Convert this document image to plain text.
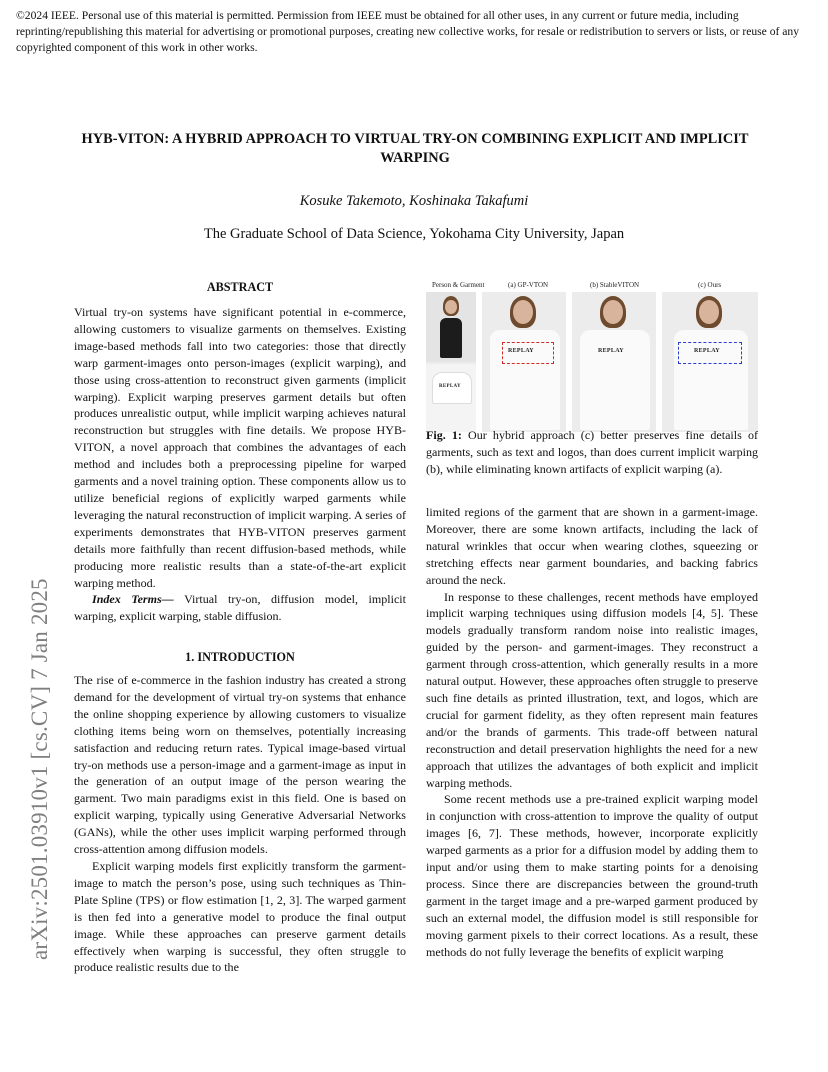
©2024 IEEE. Personal use of this material is permitted. Permission from IEEE must be obtained for all other uses, in any current or future media, including reprinting/republishing this material for advertising or promotional purposes, creating new collective works, for resale or redistribution to servers or lists, or reuse of any copyrighted component of this work in other works.
arXiv:2501.03910v1 [cs.CV] 7 Jan 2025
HYB-VITON: A HYBRID APPROACH TO VIRTUAL TRY-ON COMBINING EXPLICIT AND IMPLICIT WARPING
Kosuke Takemoto, Koshinaka Takafumi
The Graduate School of Data Science, Yokohama City University, Japan
ABSTRACT

Virtual try-on systems have significant potential in e-commerce, allowing customers to visualize garments on themselves. Existing image-based methods fall into two categories: those that directly warp garment-images onto person-images (explicit warping), and those using cross-attention to reconstruct given garments (implicit warping). Explicit warping preserves garment details but often produces unrealistic output, while implicit warping achieves natural reconstruction but struggles with fine details. We propose HYB-VITON, a novel approach that combines the advantages of each method and includes both a preprocessing pipeline for warped garments and a novel training option. These components allow us to utilize beneficial regions of explicitly warped garments while leveraging the natural reconstruction of implicit warping. A series of experiments demonstrates that HYB-VITON preserves garment details more faithfully than recent diffusion-based methods, while producing more realistic results than a state-of-the-art explicit warping method.

Index Terms— Virtual try-on, diffusion model, implicit warping, explicit warping, stable diffusion.

1. INTRODUCTION

The rise of e-commerce in the fashion industry has created a strong demand for the development of virtual try-on systems that enhance the online shopping experience by allowing customers to visualize clothing items being worn on themselves, potentially increasing satisfaction and reducing return rates. Typical image-based virtual try-on methods use a person-image and a garment-image as input in the generation of an output image of the person wearing the garment. Two main paradigms exist in this field. One is based on explicit warping, typically using Generative Adversarial Networks (GANs), while the other uses implicit warping performed through cross-attention among diffusion models.

Explicit warping models first explicitly transform the garment-image to match the person’s pose, using such techniques as Thin-Plate Spline (TPS) or flow estimation [1, 2, 3]. The warped garment is then fed into a generative model to produce the final output image. While these approaches can preserve garment details effectively when warping is successful, they often struggle to produce realistic results due to the

Person & Garment	(a) GP-VTON	(b) StableVITON	(c) Ours
REPLAY
REPLAY	REPLAY	REPLAY
Fig. 1: Our hybrid approach (c) better preserves fine details of garments, such as text and logos, than does current implicit warping (b), while eliminating known artifacts of explicit warping (a).

limited regions of the garment that are shown in a garment-image. Moreover, there are some known artifacts, including the lack of natural wrinkles that occur when wearing clothes, squeezing or stretching effects near garment boundaries, and backing fabrics around the neck.

In response to these challenges, recent methods have employed implicit warping techniques using diffusion models [4, 5]. These models gradually transform random noise into realistic images, guided by the person- and garment-images. They reconstruct a garment through cross-attention, which generally results in a more natural output. However, these approaches often struggle to preserve such fine details as printed illustration, text, and logos, which are crucial for garment fidelity, as they often represent main features and/or the brands of garments. This trade-off between natural reconstruction and detail preservation highlights the need for a new approach that utilizes the advantages of both explicit and implicit warping methods.

Some recent methods use a pre-trained explicit warping model in conjunction with cross-attention to improve the quality of output images [6, 7]. These methods, however, incorporate explicitly warped garments as a prior for a diffusion model by adding them to input and/or using them to make starting points for a denoising process. Since there are discrepancies between the ground-truth garment in the target image and a pre-warped garment produced by such an external model, the diffusion model is still responsible for moving garment pixels to their correct locations. As a result, these methods do not fully leverage the benefits of explicit warping
